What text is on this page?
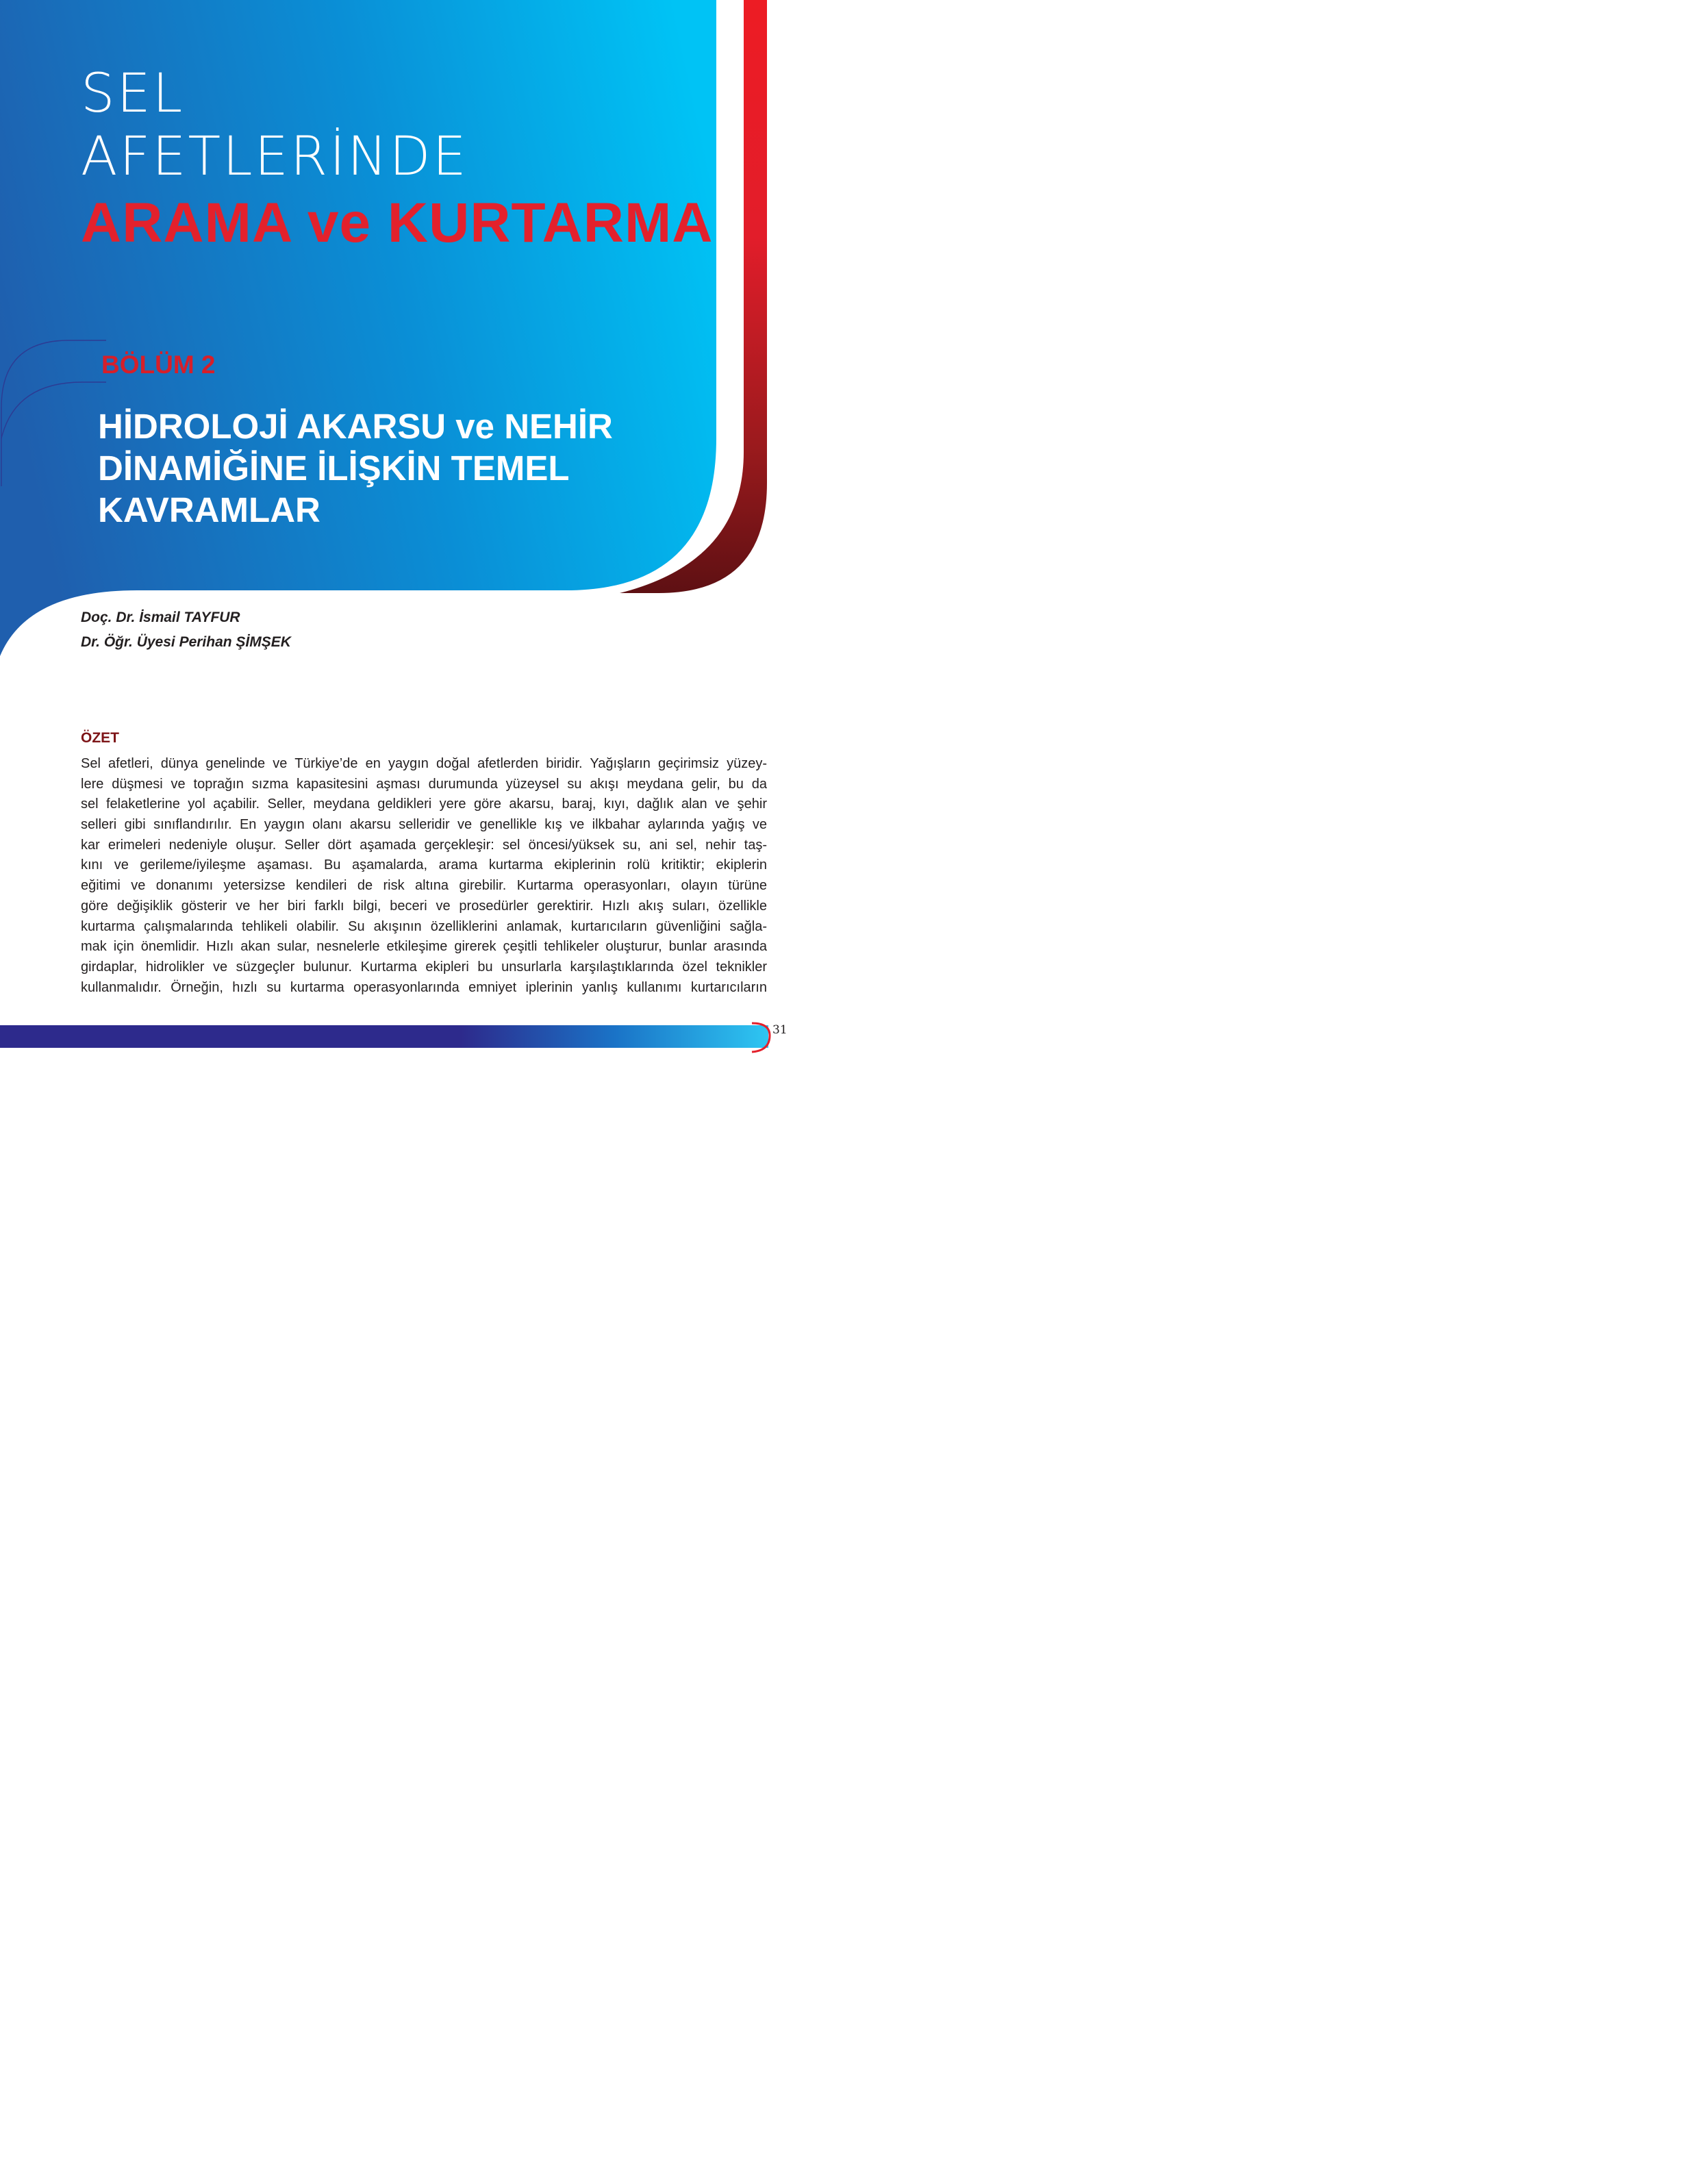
SEL
AFETLERİNDE
ARAMA ve KURTARMA
BÖLÜM 2
HİDROLOJİ AKARSU ve NEHİR
DİNAMİĞİNE İLİŞKİN TEMEL
KAVRAMLAR
Doç. Dr. İsmail TAYFUR
Dr. Öğr. Üyesi Perihan ŞİMŞEK
ÖZET
Sel afetleri, dünya genelinde ve Türkiye’de en yaygın doğal afetlerden biridir. Yağışların geçirimsiz yüzey-
lere düşmesi ve toprağın sızma kapasitesini aşması durumunda yüzeysel su akışı meydana gelir, bu da
sel felaketlerine yol açabilir. Seller, meydana geldikleri yere göre akarsu, baraj, kıyı, dağlık alan ve şehir
selleri gibi sınıflandırılır. En yaygın olanı akarsu selleridir ve genellikle kış ve ilkbahar aylarında yağış ve
kar erimeleri nedeniyle oluşur. Seller dört aşamada gerçekleşir: sel öncesi/yüksek su, ani sel, nehir taş-
kını ve gerileme/iyileşme aşaması. Bu aşamalarda, arama kurtarma ekiplerinin rolü kritiktir; ekiplerin
eğitimi ve donanımı yetersizse kendileri de risk altına girebilir. Kurtarma operasyonları, olayın türüne
göre değişiklik gösterir ve her biri farklı bilgi, beceri ve prosedürler gerektirir. Hızlı akış suları, özellikle
kurtarma çalışmalarında tehlikeli olabilir. Su akışının özelliklerini anlamak, kurtarıcıların güvenliğini sağla-
mak için önemlidir. Hızlı akan sular, nesnelerle etkileşime girerek çeşitli tehlikeler oluşturur, bunlar arasında
girdaplar, hidrolikler ve süzgeçler bulunur. Kurtarma ekipleri bu unsurlarla karşılaştıklarında özel teknikler
kullanmalıdır. Örneğin, hızlı su kurtarma operasyonlarında emniyet iplerinin yanlış kullanımı kurtarıcıların
31
